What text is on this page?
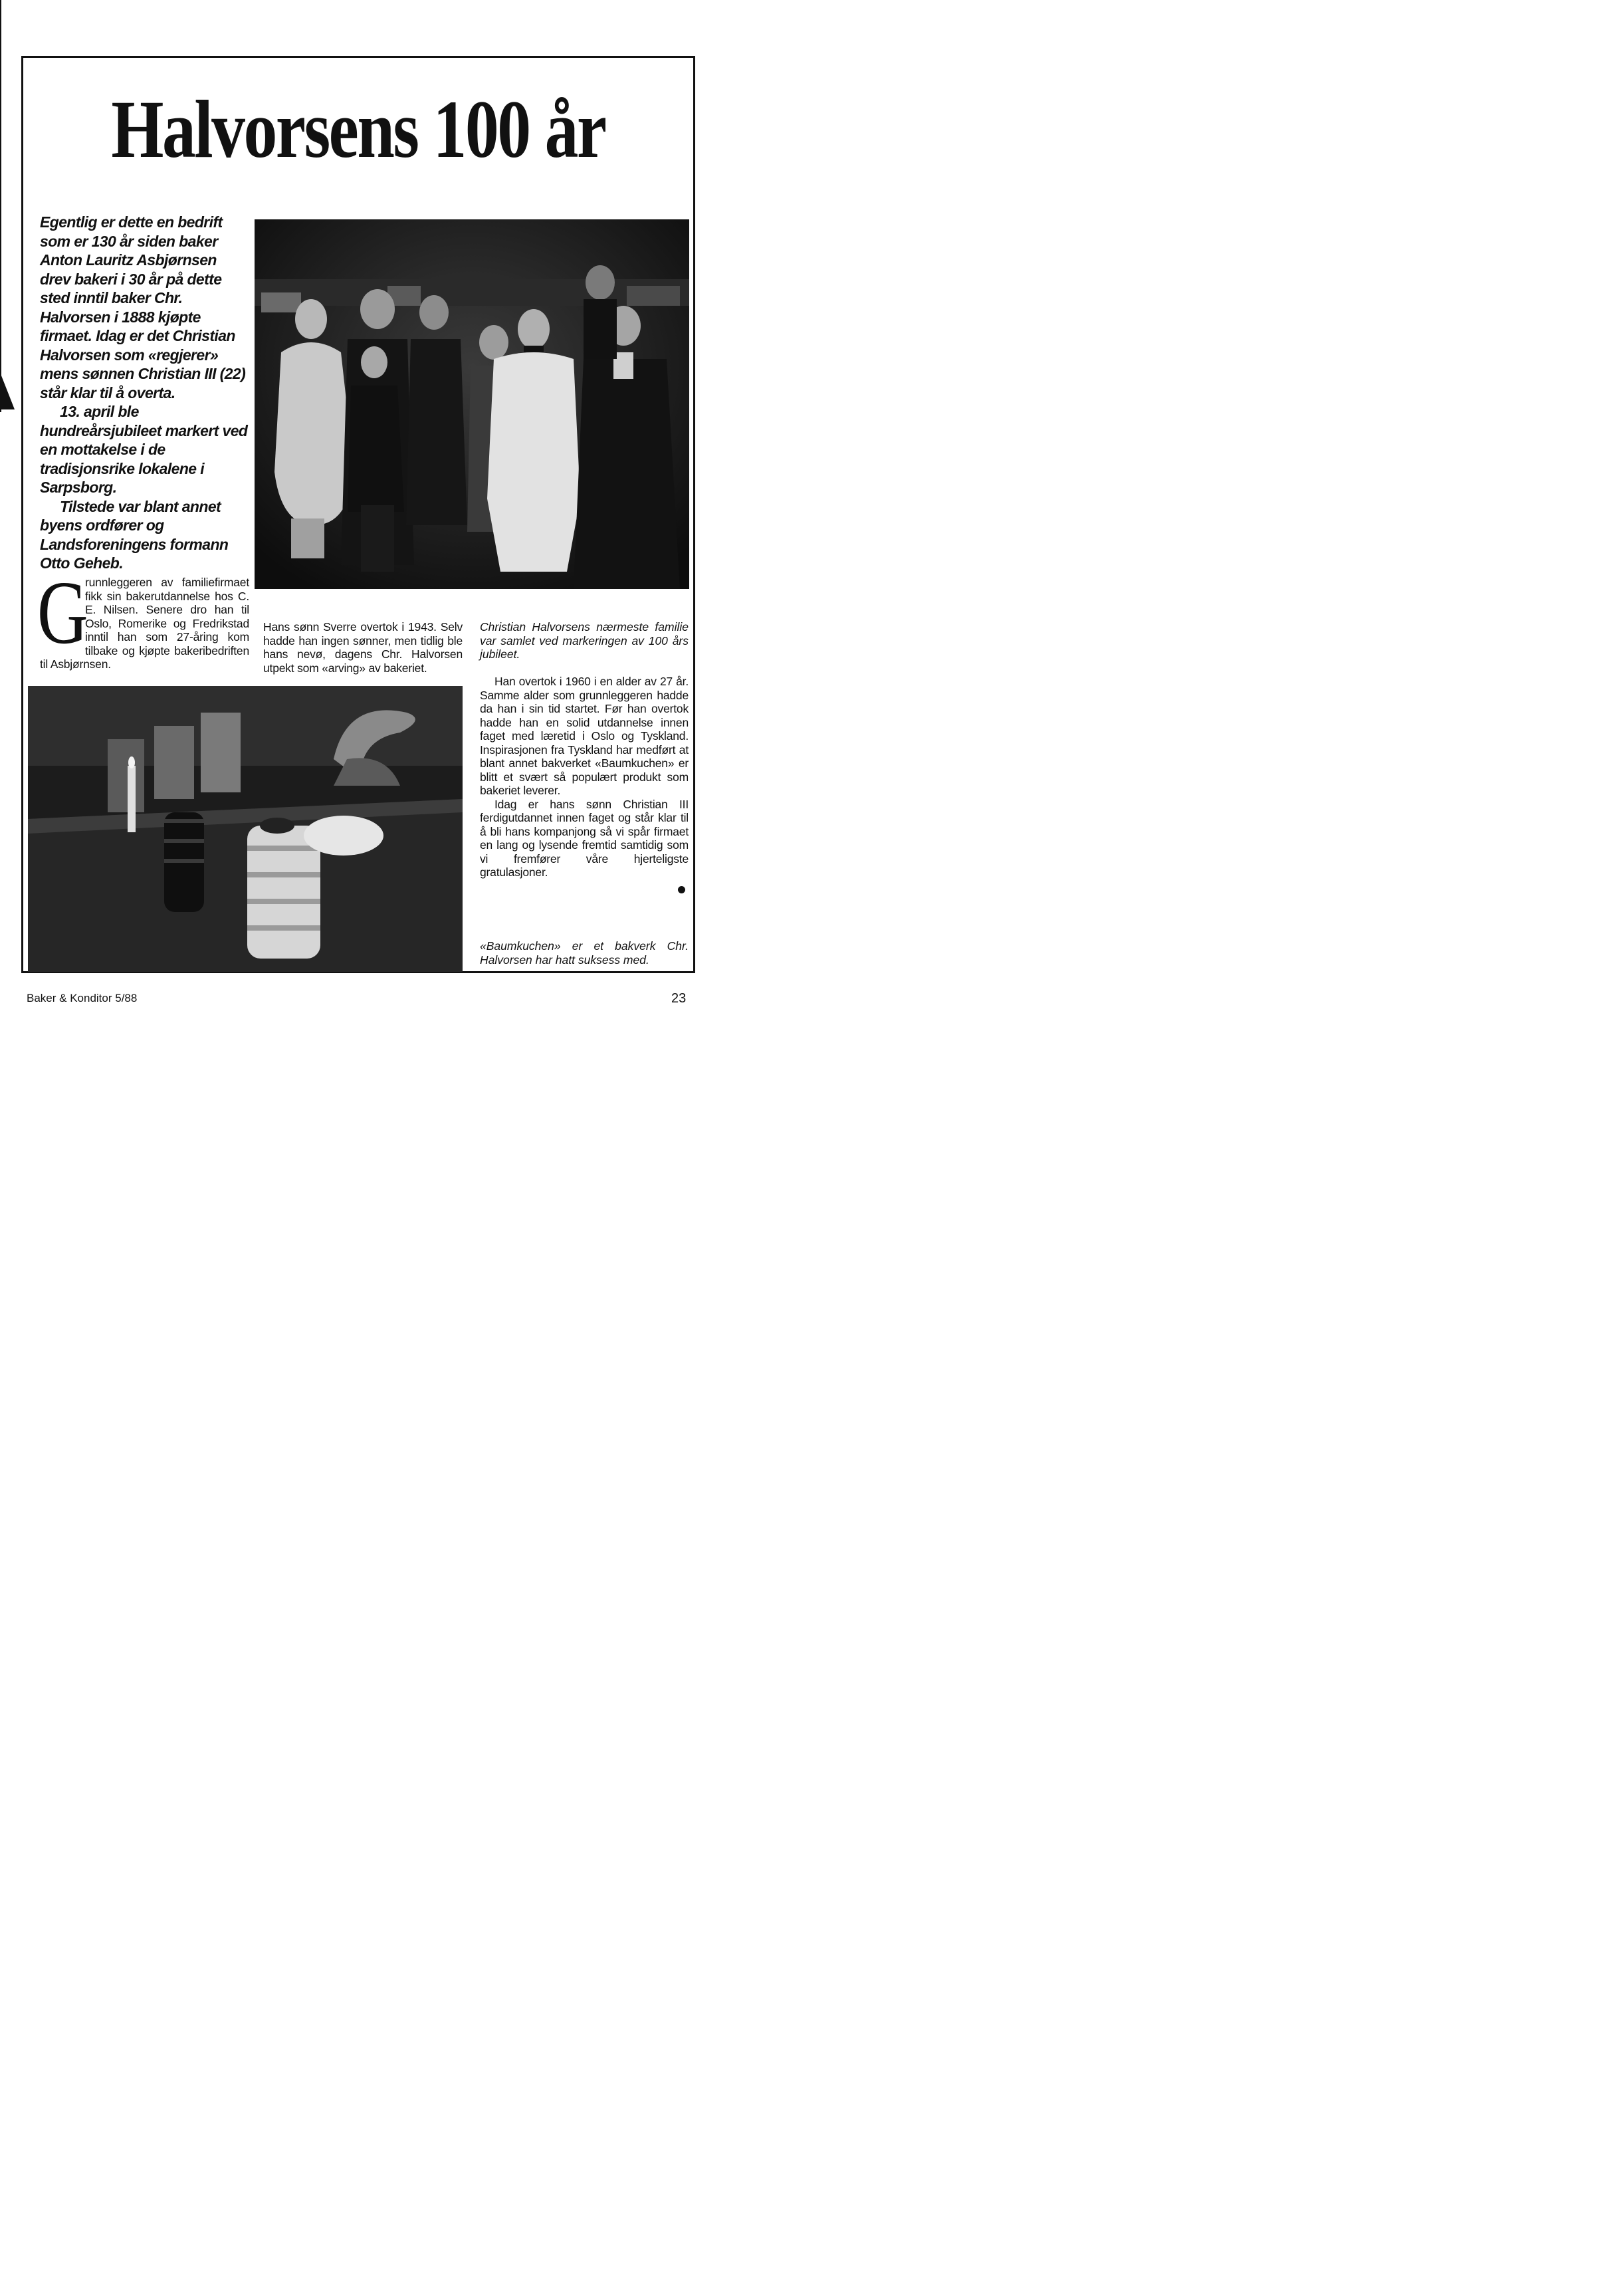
Halvorsens 100 år

Egentlig er dette en bedrift som er 130 år siden baker Anton Lauritz Asbjørnsen drev bakeri i 30 år på dette sted inntil baker Chr. Halvorsen i 1888 kjøpte firmaet. Idag er det Christian Halvorsen som «regjerer» mens sønnen Christian III (22) står klar til å overta.

13. april ble hundreårsjubileet markert ved en mottakelse i de tradisjonsrike lokalene i Sarpsborg.

Tilstede var blant annet byens ordfører og Landsforeningens formann Otto Geheb.

G
runnleggeren av familiefirmaet fikk sin bakerutdannelse hos C. E. Nilsen. Senere dro han til Oslo, Romerike og Fredrikstad inntil han som 27-åring kom tilbake og kjøpte bakeribedriften til Asbjørnsen.

Hans sønn Sverre overtok i 1943. Selv hadde han ingen sønner, men tidlig ble hans nevø, dagens Chr. Halvorsen utpekt som «arving» av bakeriet.

Christian Halvorsens nærmeste familie var samlet ved markeringen av 100 års jubileet.

Han overtok i 1960 i en alder av 27 år. Samme alder som grunnleggeren hadde da han i sin tid startet. Før han overtok hadde han en solid utdannelse innen faget med læretid i Oslo og Tyskland. Inspirasjonen fra Tyskland har medført at blant annet bakverket «Baumkuchen» er blitt et svært så populært produkt som bakeriet leverer.

Idag er hans sønn Christian III ferdigutdannet innen faget og står klar til å bli hans kompanjong så vi spår firmaet en lang og lysende fremtid samtidig som vi fremfører våre hjerteligste gratulasjoner.

«Baumkuchen» er et bakverk Chr. Halvorsen har hatt suksess med.

Baker & Konditor 5/88	23
